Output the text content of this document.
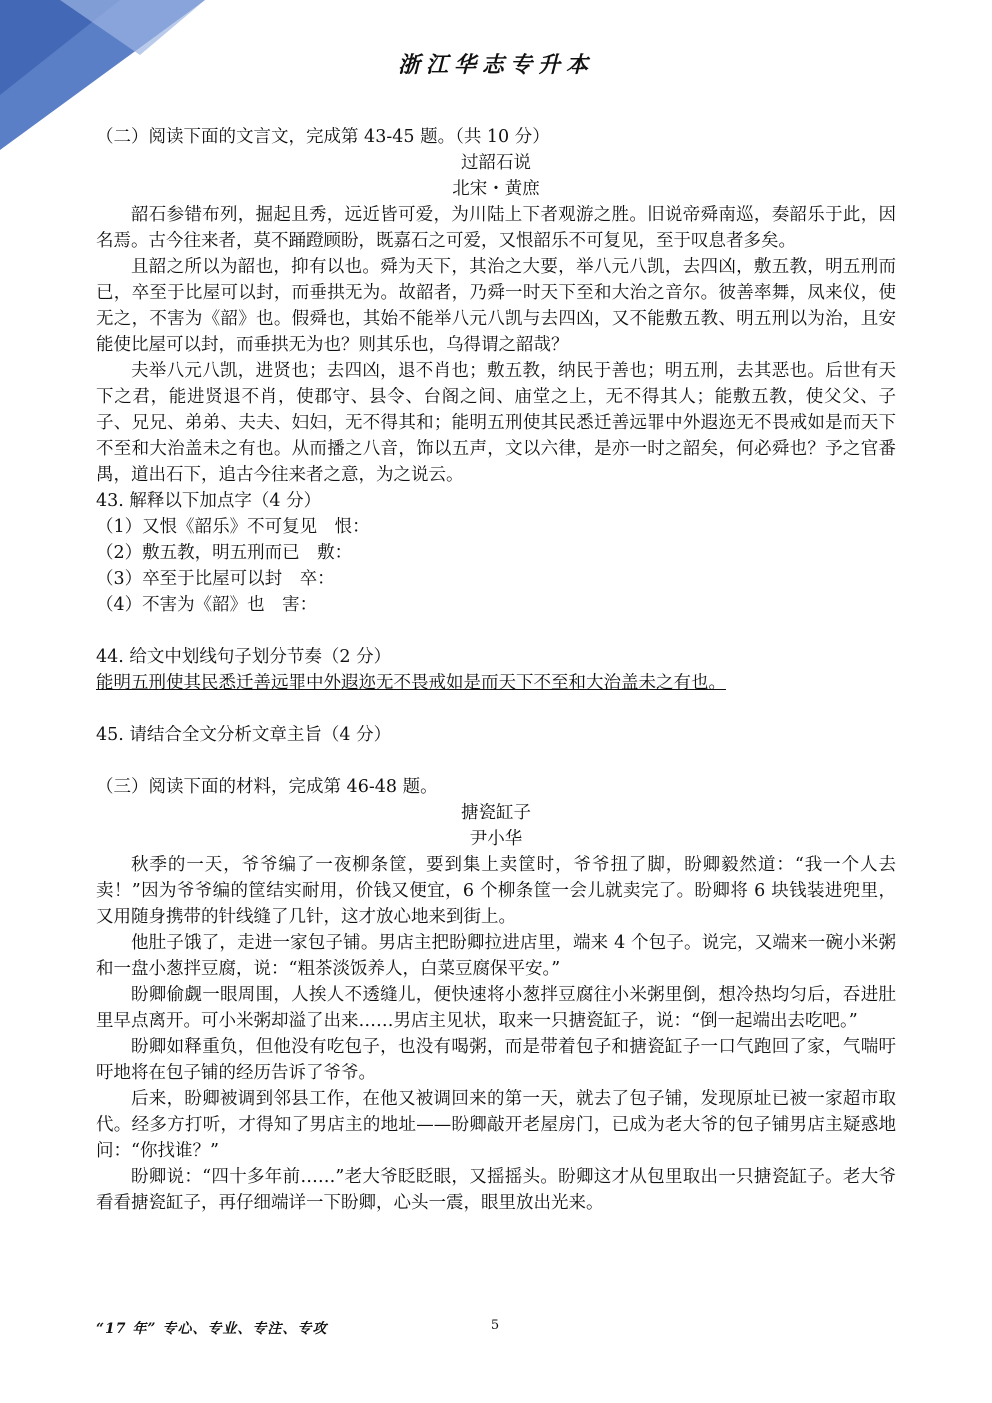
浙江华志专升本

（二）阅读下面的文言文，完成第 43-45 题。（共 10 分）

过韶石说

北宋・黄庶

韶石参错布列，掘起且秀，远近皆可爱，为川陆上下者观游之胜。旧说帝舜南巡，奏韶乐于此，因名焉。古今往来者，莫不踊蹬顾盼，既嘉石之可爱，又恨韶乐不可复见，至于叹息者多矣。

且韶之所以为韶也，抑有以也。舜为天下，其治之大要，举八元八凯，去四凶，敷五教，明五刑而已，卒至于比屋可以封，而垂拱无为。故韶者，乃舜一时天下至和大治之音尔。彼善率舞，凤来仪，使无之，不害为《韶》也。假舜也，其始不能举八元八凯与去四凶，又不能敷五教、明五刑以为治，且安能使比屋可以封，而垂拱无为也？则其乐也，乌得谓之韶哉？

夫举八元八凯，进贤也；去四凶，退不肖也；敷五教，纳民于善也；明五刑，去其恶也。后世有天下之君，能进贤退不肖，使郡守、县令、台阁之间、庙堂之上，无不得其人；能敷五教，使父父、子子、兄兄、弟弟、夫夫、妇妇，无不得其和；能明五刑使其民悉迁善远罪中外遐迩无不畏戒如是而天下不至和大治盖未之有也。从而播之八音，饰以五声，文以六律，是亦一时之韶矣，何必舜也？予之官番禺，道出石下，追古今往来者之意，为之说云。

43. 解释以下加点字（4 分）

（1）又恨《韶乐》不可复见　恨：

（2）敷五教，明五刑而已　敷：

（3）卒至于比屋可以封　卒：

（4）不害为《韶》也　害：

44. 给文中划线句子划分节奏（2 分）

能明五刑使其民悉迁善远罪中外遐迩无不畏戒如是而天下不至和大治盖未之有也。

45. 请结合全文分析文章主旨（4 分）

（三）阅读下面的材料，完成第 46-48 题。

搪瓷缸子

尹小华

秋季的一天，爷爷编了一夜柳条筐，要到集上卖筐时，爷爷扭了脚，盼卿毅然道：“我一个人去卖！”因为爷爷编的筐结实耐用，价钱又便宜，6 个柳条筐一会儿就卖完了。盼卿将 6 块钱装进兜里，又用随身携带的针线缝了几针，这才放心地来到街上。

他肚子饿了，走进一家包子铺。男店主把盼卿拉进店里，端来 4 个包子。说完，又端来一碗小米粥和一盘小葱拌豆腐，说：“粗茶淡饭养人，白菜豆腐保平安。”

盼卿偷觑一眼周围，人挨人不透缝儿，便快速将小葱拌豆腐往小米粥里倒，想冷热均匀后，吞进肚里早点离开。可小米粥却溢了出来……男店主见状，取来一只搪瓷缸子，说：“倒一起端出去吃吧。”

盼卿如释重负，但他没有吃包子，也没有喝粥，而是带着包子和搪瓷缸子一口气跑回了家，气喘吁吁地将在包子铺的经历告诉了爷爷。

后来，盼卿被调到邻县工作，在他又被调回来的第一天，就去了包子铺，发现原址已被一家超市取代。经多方打听，才得知了男店主的地址——盼卿敲开老屋房门，已成为老大爷的包子铺男店主疑惑地问：“你找谁？”

盼卿说：“四十多年前……”老大爷眨眨眼，又摇摇头。盼卿这才从包里取出一只搪瓷缸子。老大爷看看搪瓷缸子，再仔细端详一下盼卿，心头一震，眼里放出光来。

“17 年” 专心、专业、专注、专攻	5
